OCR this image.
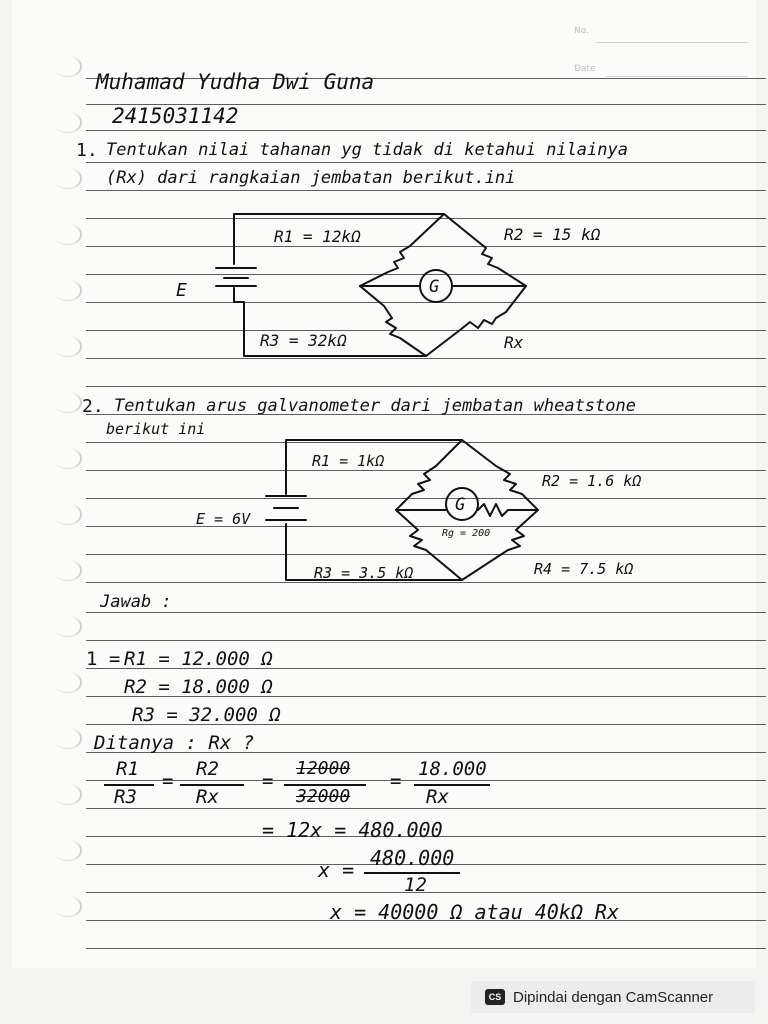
No.
Date
Muhamad Yudha Dwi Guna
2415031142
1. Tentukan nilai tahanan yg tidak di ketahui nilainya
(Rx) dari rangkaian jembatan berikut.ini
G
E
R1 = 12kΩ	R2 = 15 kΩ
R3 = 32kΩ	Rx
2. Tentukan arus galvanometer dari jembatan wheatstone
berikut ini
G
E = 6V
R1 = 1kΩ
R2 = 1.6 kΩ
R3 = 3.5 kΩ	R4 = 7.5 kΩ
Rg = 200
Jawab :
1 = R1 = 12.000 Ω
R2 = 18.000 Ω
R3 = 32.000 Ω
Ditanya : Rx ?
R1
R3
=
R2
Rx
=
12000
32000
=
18.000
Rx
= 12x = 480.000
x = 480.000
12
x = 40000 Ω atau 40kΩ Rx
CS Dipindai dengan CamScanner
